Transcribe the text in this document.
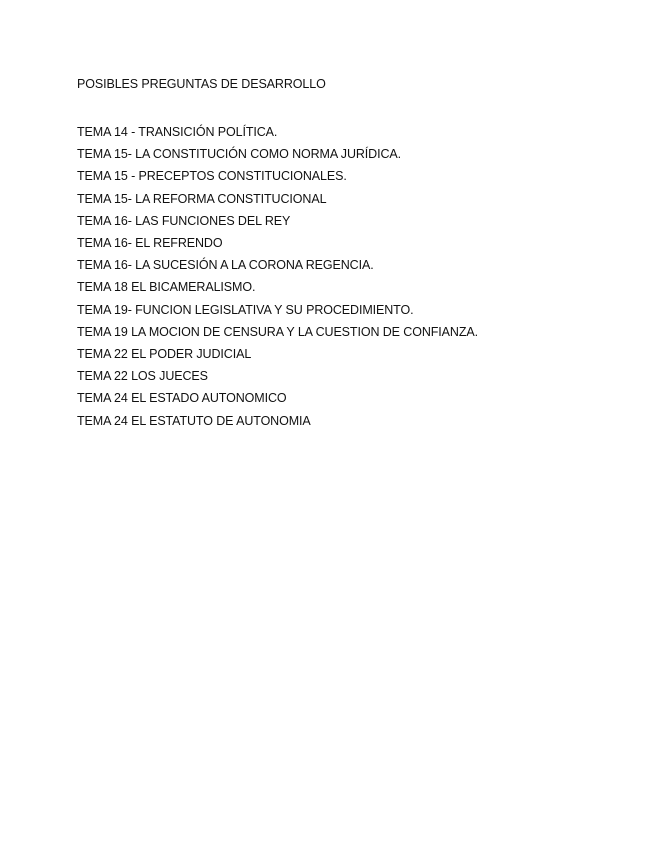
POSIBLES PREGUNTAS DE DESARROLLO
TEMA 14 - TRANSICIÓN POLÍTICA.
TEMA 15- LA CONSTITUCIÓN COMO NORMA JURÍDICA.
TEMA 15 - PRECEPTOS CONSTITUCIONALES.
TEMA 15- LA REFORMA CONSTITUCIONAL
TEMA 16- LAS FUNCIONES DEL REY
TEMA 16- EL REFRENDO
TEMA 16- LA SUCESIÓN A LA CORONA REGENCIA.
TEMA 18 EL BICAMERALISMO.
TEMA 19- FUNCION LEGISLATIVA Y SU PROCEDIMIENTO.
TEMA 19 LA MOCION DE CENSURA Y LA CUESTION DE CONFIANZA.
TEMA 22 EL PODER JUDICIAL
TEMA 22 LOS JUECES
TEMA 24 EL ESTADO AUTONOMICO
TEMA 24 EL ESTATUTO DE AUTONOMIA
